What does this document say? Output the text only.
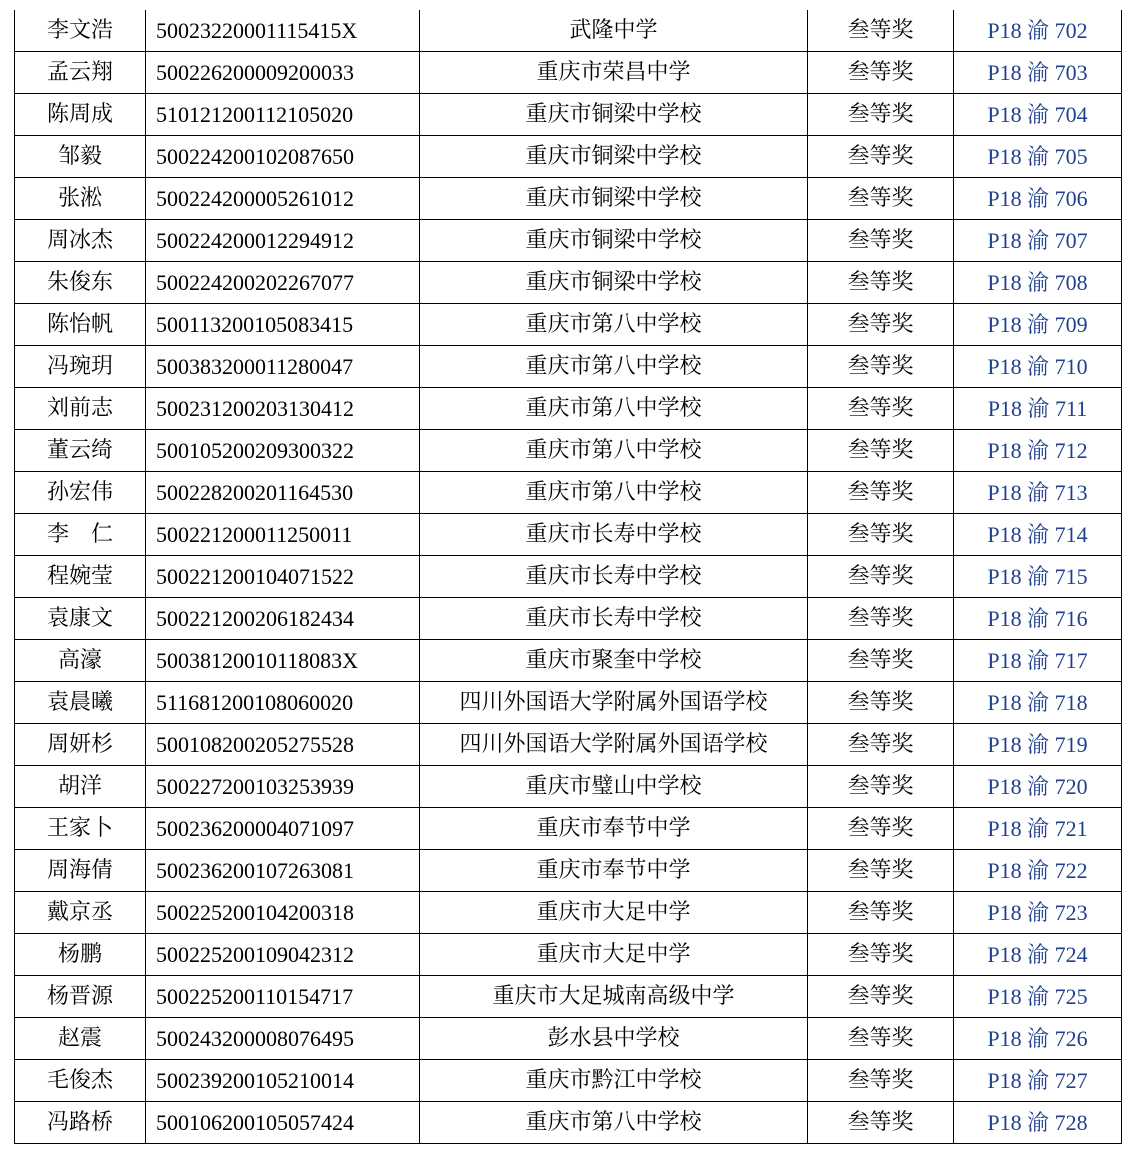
李文浩	50023220001115415X	武隆中学	叁等奖	P18 渝 702
孟云翔	500226200009200033	重庆市荣昌中学	叁等奖	P18 渝 703
陈周成	510121200112105020	重庆市铜梁中学校	叁等奖	P18 渝 704
邹毅	500224200102087650	重庆市铜梁中学校	叁等奖	P18 渝 705
张淞	500224200005261012	重庆市铜梁中学校	叁等奖	P18 渝 706
周冰杰	500224200012294912	重庆市铜梁中学校	叁等奖	P18 渝 707
朱俊东	500224200202267077	重庆市铜梁中学校	叁等奖	P18 渝 708
陈怡帆	500113200105083415	重庆市第八中学校	叁等奖	P18 渝 709
冯琬玥	500383200011280047	重庆市第八中学校	叁等奖	P18 渝 710
刘前志	500231200203130412	重庆市第八中学校	叁等奖	P18 渝 711
董云绮	500105200209300322	重庆市第八中学校	叁等奖	P18 渝 712
孙宏伟	500228200201164530	重庆市第八中学校	叁等奖	P18 渝 713
李　仁	500221200011250011	重庆市长寿中学校	叁等奖	P18 渝 714
程婉莹	500221200104071522	重庆市长寿中学校	叁等奖	P18 渝 715
袁康文	500221200206182434	重庆市长寿中学校	叁等奖	P18 渝 716
高濠	50038120010118083X	重庆市聚奎中学校	叁等奖	P18 渝 717
袁晨曦	511681200108060020	四川外国语大学附属外国语学校	叁等奖	P18 渝 718
周妍杉	500108200205275528	四川外国语大学附属外国语学校	叁等奖	P18 渝 719
胡洋	500227200103253939	重庆市璧山中学校	叁等奖	P18 渝 720
王家卜	500236200004071097	重庆市奉节中学	叁等奖	P18 渝 721
周海倩	500236200107263081	重庆市奉节中学	叁等奖	P18 渝 722
戴京丞	500225200104200318	重庆市大足中学	叁等奖	P18 渝 723
杨鹏	500225200109042312	重庆市大足中学	叁等奖	P18 渝 724
杨晋源	500225200110154717	重庆市大足城南高级中学	叁等奖	P18 渝 725
赵震	500243200008076495	彭水县中学校	叁等奖	P18 渝 726
毛俊杰	500239200105210014	重庆市黔江中学校	叁等奖	P18 渝 727
冯路桥	500106200105057424	重庆市第八中学校	叁等奖	P18 渝 728
